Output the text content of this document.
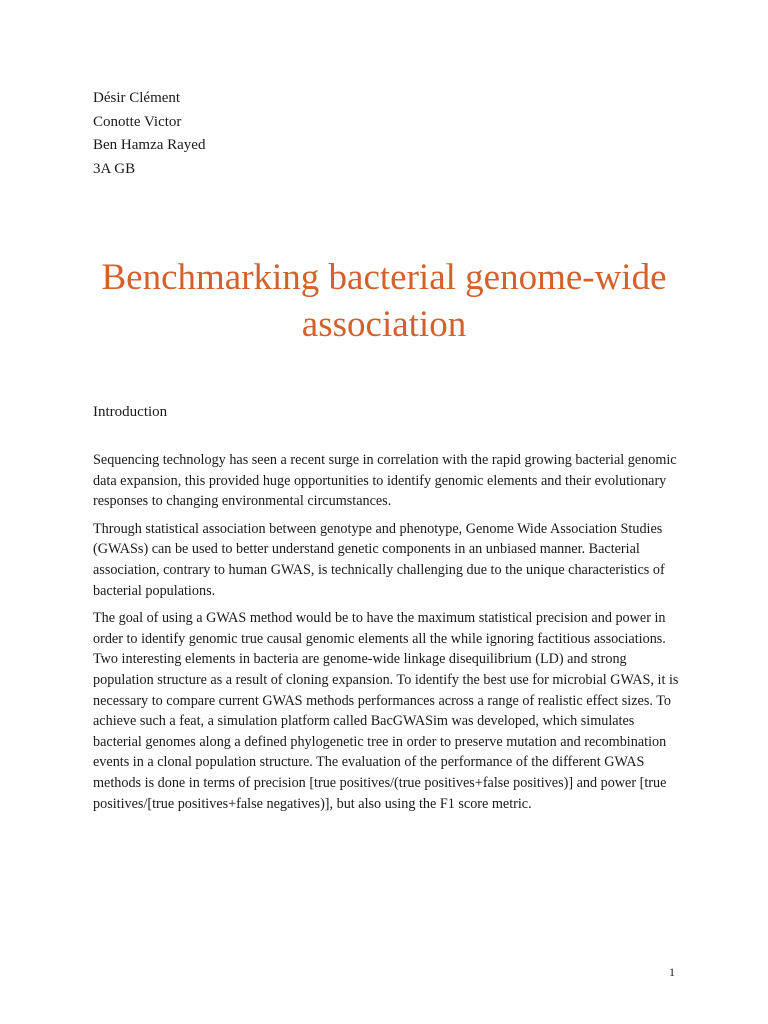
Désir Clément
Conotte Victor
Ben Hamza Rayed
3A GB
Benchmarking bacterial genome-wide association
Introduction

Sequencing technology has seen a recent surge in correlation with the rapid growing bacterial genomic data expansion, this provided huge opportunities to identify genomic elements and their evolutionary responses to changing environmental circumstances.

Through statistical association between genotype and phenotype, Genome Wide Association Studies (GWASs) can be used to better understand genetic components in an unbiased manner. Bacterial association, contrary to human GWAS, is technically challenging due to the unique characteristics of bacterial populations.

The goal of using a GWAS method would be to have the maximum statistical precision and power in order to identify genomic true causal genomic elements all the while ignoring factitious associations. Two interesting elements in bacteria are genome-wide linkage disequilibrium (LD) and strong population structure as a result of cloning expansion. To identify the best use for microbial GWAS, it is necessary to compare current GWAS methods performances across a range of realistic effect sizes. To achieve such a feat, a simulation platform called BacGWASim was developed, which simulates bacterial genomes along a defined phylogenetic tree in order to preserve mutation and recombination events in a clonal population structure. The evaluation of the performance of the different GWAS methods is done in terms of precision [true positives/(true positives+false positives)] and power [true positives/[true positives+false negatives)], but also using the F1 score metric.

1
